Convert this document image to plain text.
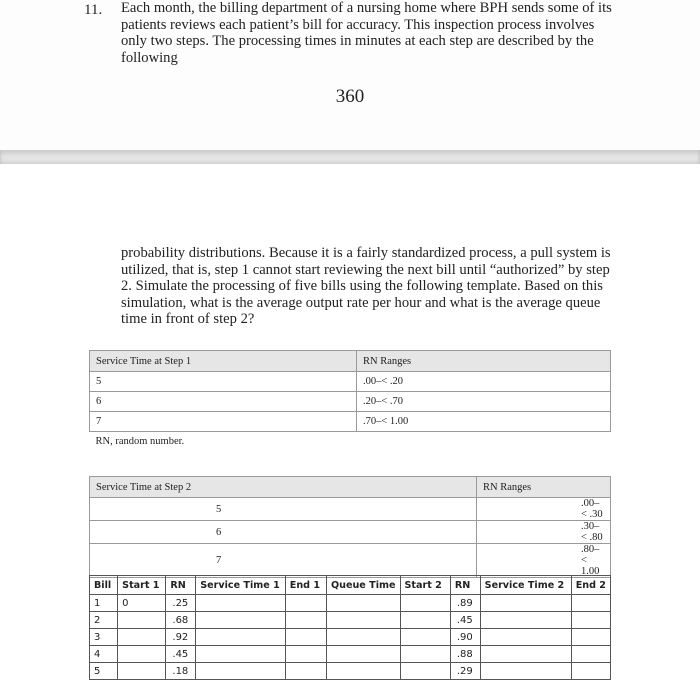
11. Each month, the billing department of a nursing home where BPH sends some of its patients reviews each patient’s bill for accuracy. This inspection process involves only two steps. The processing times in minutes at each step are described by the following

360

probability distributions. Because it is a fairly standardized process, a pull system is utilized, that is, step 1 cannot start reviewing the next bill until “authorized” by step 2. Simulate the processing of five bills using the following template. Based on this simulation, what is the average output rate per hour and what is the average queue time in front of step 2?

Service Time at Step 1	RN Ranges
5	.00–< .20
6	.20–< .70
7	.70–< 1.00
RN, random number.	
Service Time at Step 2	RN Ranges
5	.00–< .30
6	.30–< .80
7	.80–< 1.00
Bill	Start 1	RN	Service Time 1	End 1	Queue Time	Start 2	RN	Service Time 2	End 2
1	0	.25					.89		
2		.68					.45		
3		.92					.90		
4		.45					.88		
5		.18					.29		
